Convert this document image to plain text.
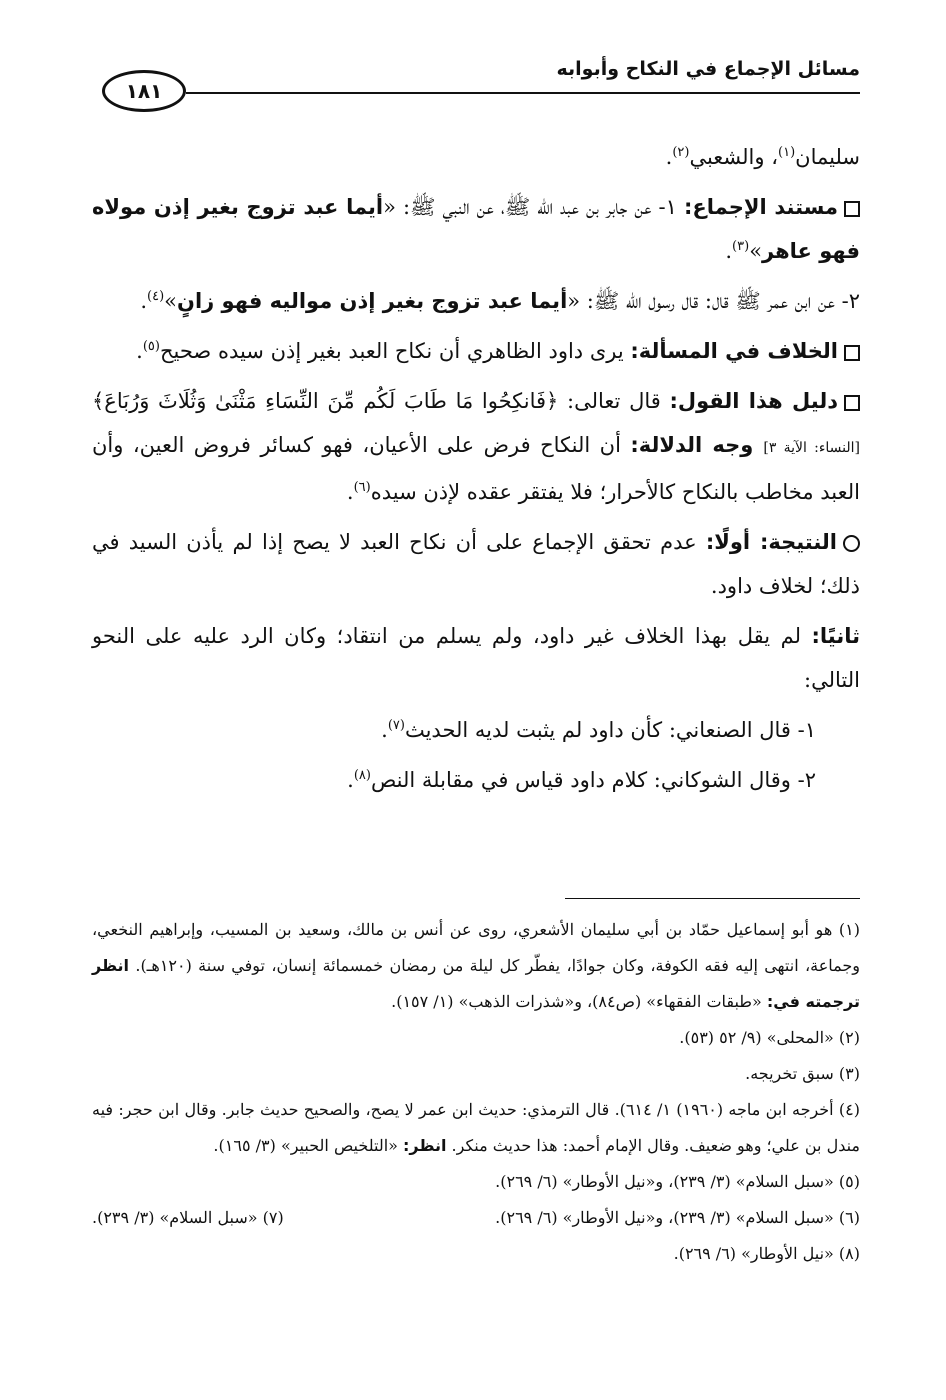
مسائل الإجماع في النكاح وأبوابه
١٨١

سليمان$^{(١)}$، والشعبي$^{(٢)}$.

مستند الإجماع: ١- عن جابر بن عبد الله ﷺ، عن النبي ﷺ: «أيما عبد تزوج بغير إذن مولاه فهو عاهر»$^{(٣)}$.

٢- عن ابن عمر ﷺ قال: قال رسول الله ﷺ: «أيما عبد تزوج بغير إذن مواليه فهو زانٍ»$^{(٤)}$.

الخلاف في المسألة: يرى داود الظاهري أن نكاح العبد بغير إذن سيده صحيح$^{(٥)}$.

دليل هذا القول: قال تعالى: ﴿فَانكِحُوا مَا طَابَ لَكُم مِّنَ النِّسَاءِ مَثْنَىٰ وَثُلَاثَ وَرُبَاعَ﴾ [النساء: الآية ٣] وجه الدلالة: أن النكاح فرض على الأعيان، فهو كسائر فروض العين، وأن العبد مخاطب بالنكاح كالأحرار؛ فلا يفتقر عقده لإذن سيده$^{(٦)}$.

النتيجة: أولًا: عدم تحقق الإجماع على أن نكاح العبد لا يصح إذا لم يأذن السيد في ذلك؛ لخلاف داود.

ثانيًا: لم يقل بهذا الخلاف غير داود، ولم يسلم من انتقاد؛ وكان الرد عليه على النحو التالي:

١- قال الصنعاني: كأن داود لم يثبت لديه الحديث$^{(٧)}$.

٢- وقال الشوكاني: كلام داود قياس في مقابلة النص$^{(٨)}$.

(١) هو أبو إسماعيل حمّاد بن أبي سليمان الأشعري، روى عن أنس بن مالك، وسعيد بن المسيب، وإبراهيم النخعي، وجماعة، انتهى إليه فقه الكوفة، وكان جوادًا، يفطّر كل ليلة من رمضان خمسمائة إنسان، توفي سنة (١٢٠هـ). انظر ترجمته في: «طبقات الفقهاء» (ص٨٤)، و«شذرات الذهب» (١/ ١٥٧).

(٢) «المحلى» (٩/ ٥٢ (٥٣).

(٣) سبق تخريجه.

(٤) أخرجه ابن ماجه (١٩٦٠) ١/ ٦١٤). قال الترمذي: حديث ابن عمر لا يصح، والصحيح حديث جابر. وقال ابن حجر: فيه مندل بن علي؛ وهو ضعيف. وقال الإمام أحمد: هذا حديث منكر. انظر: «التلخيص الحبير» (٣/ ١٦٥).

(٥) «سبل السلام» (٣/ ٢٣٩)، و«نيل الأوطار» (٦/ ٢٦٩).

(٦) «سبل السلام» (٣/ ٢٣٩)، و«نيل الأوطار» (٦/ ٢٦٩).
(٧) «سبل السلام» (٣/ ٢٣٩).

(٨) «نيل الأوطار» (٦/ ٢٦٩).
